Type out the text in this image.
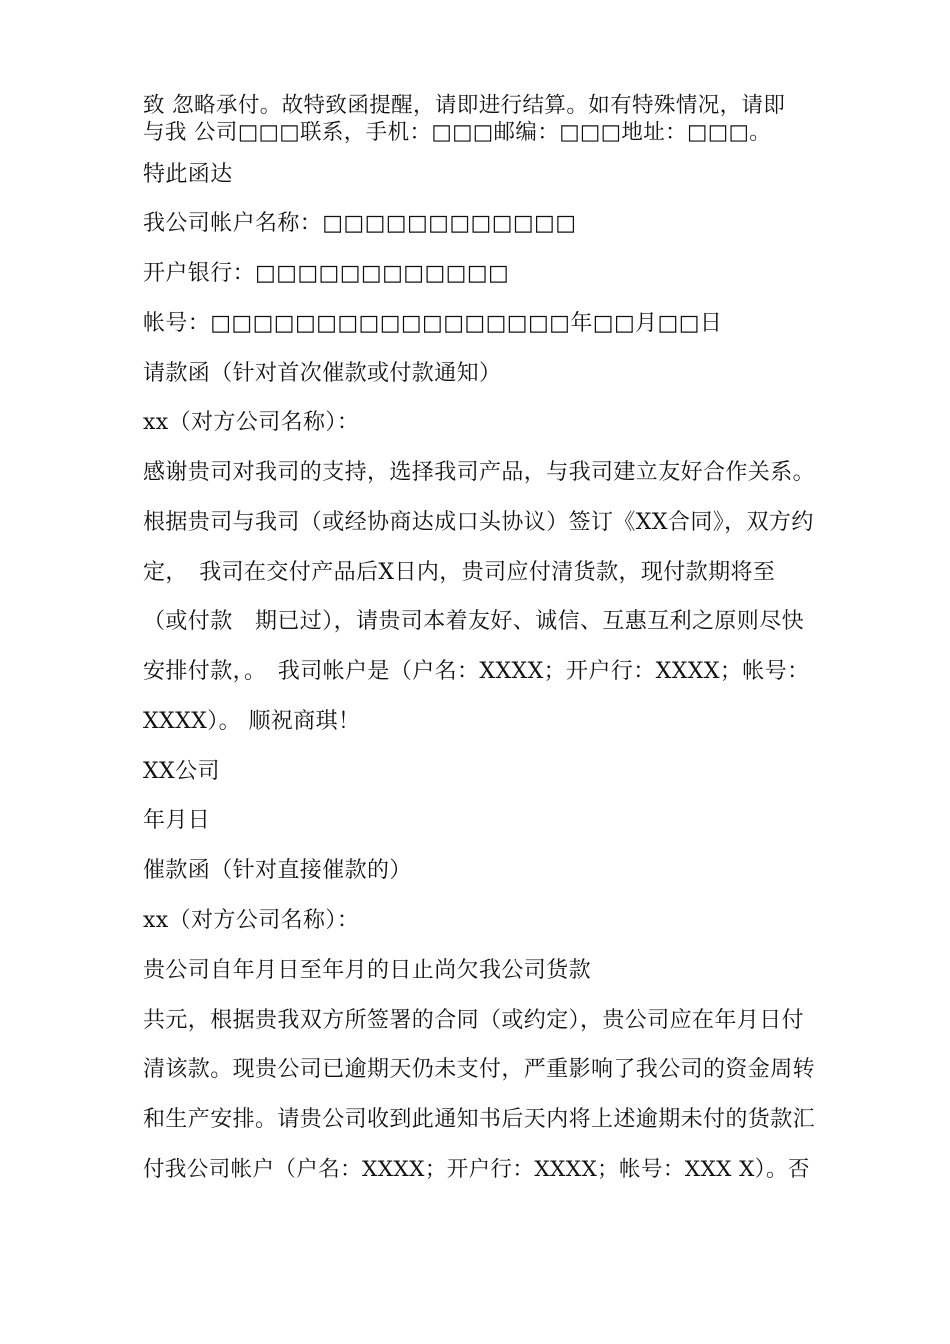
致 忽略承付。故特致函提醒，请即进行结算。如有特殊情况，请即
与我 公司□□□联系，手机：□□□邮编：□□□地址：□□□。
特此函达
我公司帐户名称：□□□□□□□□□□□□
开户银行：□□□□□□□□□□□□
帐号：□□□□□□□□□□□□□□□□□年□□月□□日
请款函（针对首次催款或付款通知）
xx（对方公司名称）：
感谢贵司对我司的支持，选择我司产品，与我司建立友好合作关系。
根据贵司与我司（或经协商达成口头协议）签订《XX合同》，双方约
定，　我司在交付产品后X日内，贵司应付清货款，现付款期将至
（或付款　期已过），请贵司本着友好、诚信、互惠互利之原则尽快
安排付款，。　我司帐户是（户名：XXXX；开户行：XXXX；帐号：
XXXX）。 顺祝商琪！
XX公司
年月日
催款函（针对直接催款的）
xx（对方公司名称）：
贵公司自年月日至年月的日止尚欠我公司货款
共元，根据贵我双方所签署的合同（或约定），贵公司应在年月日付
清该款。现贵公司已逾期天仍未支付，严重影响了我公司的资金周转
和生产安排。请贵公司收到此通知书后天内将上述逾期未付的货款汇
付我公司帐户（户名：XXXX；开户行：XXXX；帐号：XXX X）。否
